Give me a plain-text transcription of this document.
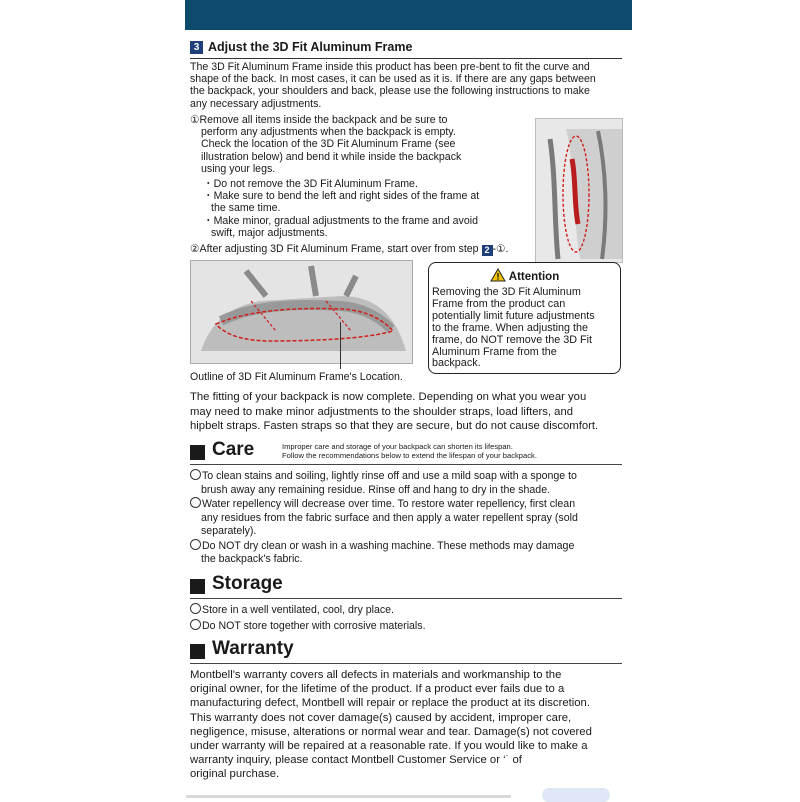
3 Adjust the 3D Fit Aluminum Frame
The 3D Fit Aluminum Frame inside this product has been pre-bent to fit the curve and
shape of the back. In most cases, it can be used as it is. If there are any gaps between
the backpack, your shoulders and back, please use the following instructions to make
any necessary adjustments.
①Remove all items inside the backpack and be sure to
perform any adjustments when the backpack is empty.
Check the location of the 3D Fit Aluminum Frame (see
illustration below) and bend it while inside the backpack
using your legs.
・Do not remove the 3D Fit Aluminum Frame.
・Make sure to bend the left and right sides of the frame at
the same time.
・Make minor, gradual adjustments to the frame and avoid
swift, major adjustments.
②After adjusting 3D Fit Aluminum Frame, start over from step 2 -①.
Outline of 3D Fit Aluminum Frame's Location.
Attention
Removing the 3D Fit Aluminum
Frame from the product can
potentially limit future adjustments
to the frame. When adjusting the
frame, do NOT remove the 3D Fit
Aluminum Frame from the
backpack.
The fitting of your backpack is now complete. Depending on what you wear you
may need to make minor adjustments to the shoulder straps, load lifters, and
hipbelt straps. Fasten straps so that they are secure, but do not cause discomfort.
Care	Improper care and storage of your backpack can shorten its lifespan.
Follow the recommendations below to extend the lifespan of your backpack.
To clean stains and soiling, lightly rinse off and use a mild soap with a sponge to
brush away any remaining residue. Rinse off and hang to dry in the shade.
Water repellency will decrease over time. To restore water repellency, first clean
any residues from the fabric surface and then apply a water repellent spray (sold
separately).
Do NOT dry clean or wash in a washing machine. These methods may damage
the backpack's fabric.
Storage
Store in a well ventilated, cool, dry place.
Do NOT store together with corrosive materials.
Warranty
Montbell's warranty covers all defects in materials and workmanship to the
original owner, for the lifetime of the product. If a product ever fails due to a
manufacturing defect, Montbell will repair or replace the product at its discretion.
This warranty does not cover damage(s) caused by accident, improper care,
negligence, misuse, alterations or normal wear and tear. Damage(s) not covered
under warranty will be repaired at a reasonable rate. If you would like to make a
warranty inquiry, please contact Montbell Customer Service or ‘˙ of
original purchase.
